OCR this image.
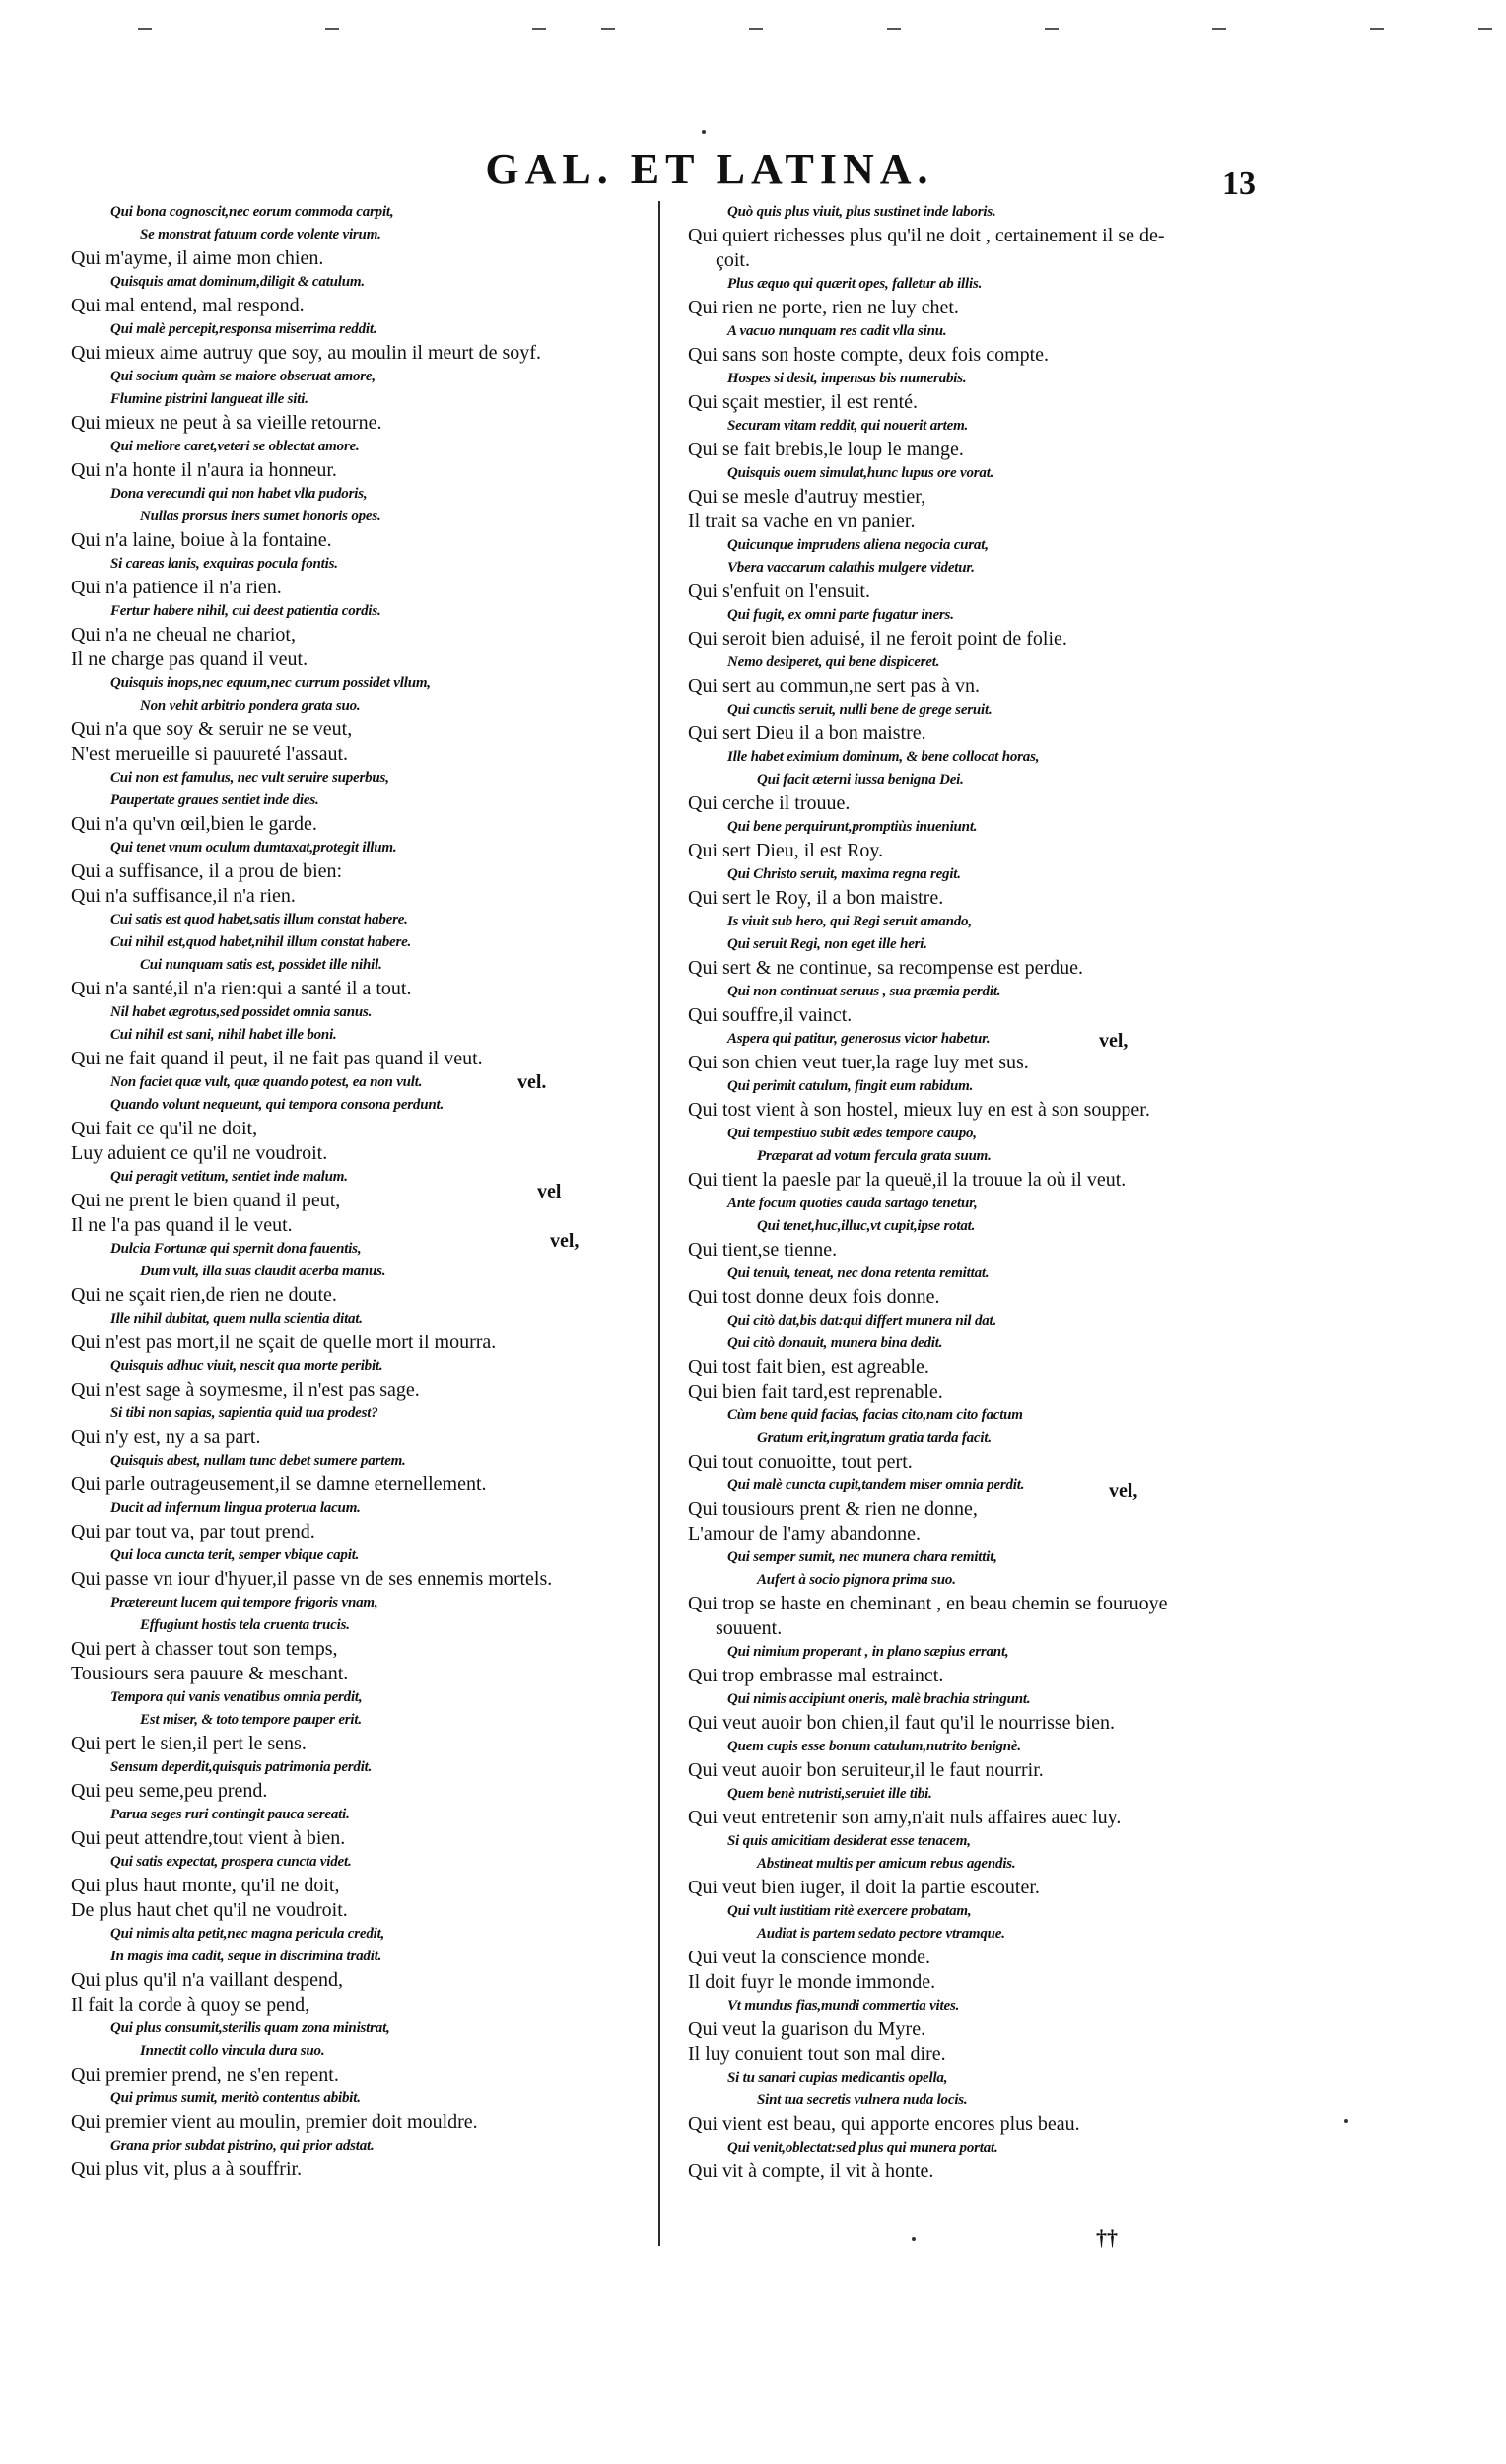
GAL. ET LATINA.	13
Qui bona cognoscit,nec eorum commoda carpit,
Se monstrat fatuum corde volente virum.
Qui m'ayme, il aime mon chien.
Quisquis amat dominum,diligit & catulum.
Qui mal entend, mal respond.
Qui malè percepit,responsa miserrima reddit.
Qui mieux aime autruy que soy, au moulin il meurt de soyf.
Qui socium quàm se maiore obseruat amore,
Flumine pistrini langueat ille siti.
Qui mieux ne peut à sa vieille retourne.
Qui meliore caret,veteri se oblectat amore.
Qui n'a honte il n'aura ia honneur.
Dona verecundi qui non habet vlla pudoris,
Nullas prorsus iners sumet honoris opes.
Qui n'a laine, boiue à la fontaine.
Si careas lanis, exquiras pocula fontis.
Qui n'a patience il n'a rien.
Fertur habere nihil, cui deest patientia cordis.
Qui n'a ne cheual ne chariot,
Il ne charge pas quand il veut.
Quisquis inops,nec equum,nec currum possidet vllum,
Non vehit arbitrio pondera grata suo.
Qui n'a que soy & seruir ne se veut,
N'est merueille si pauureté l'assaut.
Cui non est famulus, nec vult seruire superbus,
Paupertate graues sentiet inde dies.
Qui n'a qu'vn œil,bien le garde.
Qui tenet vnum oculum dumtaxat,protegit illum.
Qui a suffisance, il a prou de bien:
Qui n'a suffisance,il n'a rien.
Cui satis est quod habet,satis illum constat habere.
Cui nihil est,quod habet,nihil illum constat habere.
Cui nunquam satis est, possidet ille nihil.
Qui n'a santé,il n'a rien:qui a santé il a tout.
Nil habet ægrotus,sed possidet omnia sanus.
Cui nihil est sani, nihil habet ille boni.
Qui ne fait quand il peut, il ne fait pas quand il veut.
Non faciet quæ vult, quæ quando potest, ea non vult.
Quando volunt nequeunt, qui tempora consona perdunt.
Qui fait ce qu'il ne doit,
Luy aduient ce qu'il ne voudroit.
Qui peragit vetitum, sentiet inde malum.
Qui ne prent le bien quand il peut,
Il ne l'a pas quand il le veut.
Dulcia Fortunæ qui spernit dona fauentis,
Dum vult, illa suas claudit acerba manus.
Qui ne sçait rien,de rien ne doute.
Ille nihil dubitat, quem nulla scientia ditat.
Qui n'est pas mort,il ne sçait de quelle mort il mourra.
Quisquis adhuc viuit, nescit qua morte peribit.
Qui n'est sage à soymesme, il n'est pas sage.
Si tibi non sapias, sapientia quid tua prodest?
Qui n'y est, ny a sa part.
Quisquis abest, nullam tunc debet sumere partem.
Qui parle outrageusement,il se damne eternellement.
Ducit ad infernum lingua proterua lacum.
Qui par tout va, par tout prend.
Qui loca cuncta terit, semper vbique capit.
Qui passe vn iour d'hyuer,il passe vn de ses ennemis mortels.
Prætereunt lucem qui tempore frigoris vnam,
Effugiunt hostis tela cruenta trucis.
Qui pert à chasser tout son temps,
Tousiours sera pauure & meschant.
Tempora qui vanis venatibus omnia perdit,
Est miser, & toto tempore pauper erit.
Qui pert le sien,il pert le sens.
Sensum deperdit,quisquis patrimonia perdit.
Qui peu seme,peu prend.
Parua seges ruri contingit pauca sereati.
Qui peut attendre,tout vient à bien.
Qui satis expectat, prospera cuncta videt.
Qui plus haut monte, qu'il ne doit,
De plus haut chet qu'il ne voudroit.
Qui nimis alta petit,nec magna pericula credit,
In magis ima cadit, seque in discrimina tradit.
Qui plus qu'il n'a vaillant despend,
Il fait la corde à quoy se pend,
Qui plus consumit,sterilis quam zona ministrat,
Innectit collo vincula dura suo.
Qui premier prend, ne s'en repent.
Qui primus sumit, meritò contentus abibit.
Qui premier vient au moulin, premier doit mouldre.
Grana prior subdat pistrino, qui prior adstat.
Qui plus vit, plus a à souffrir.
Quò quis plus viuit, plus sustinet inde laboris.
Qui quiert richesses plus qu'il ne doit , certainement il se de-
çoit.
Plus æquo qui quærit opes, falletur ab illis.
Qui rien ne porte, rien ne luy chet.
A vacuo nunquam res cadit vlla sinu.
Qui sans son hoste compte, deux fois compte.
Hospes si desit, impensas bis numerabis.
Qui sçait mestier, il est renté.
Securam vitam reddit, qui nouerit artem.
Qui se fait brebis,le loup le mange.
Quisquis ouem simulat,hunc lupus ore vorat.
Qui se mesle d'autruy mestier,
Il trait sa vache en vn panier.
Quicunque imprudens aliena negocia curat,
Vbera vaccarum calathis mulgere videtur.
Qui s'enfuit on l'ensuit.
Qui fugit, ex omni parte fugatur iners.
Qui seroit bien aduisé, il ne feroit point de folie.
Nemo desiperet, qui bene dispiceret.
Qui sert au commun,ne sert pas à vn.
Qui cunctis seruit, nulli bene de grege seruit.
Qui sert Dieu il a bon maistre.
Ille habet eximium dominum, & bene collocat horas,
Qui facit æterni iussa benigna Dei.
Qui cerche il trouue.
Qui bene perquirunt,promptiùs inueniunt.
Qui sert Dieu, il est Roy.
Qui Christo seruit, maxima regna regit.
Qui sert le Roy, il a bon maistre.
Is viuit sub hero, qui Regi seruit amando,
Qui seruit Regi, non eget ille heri.
Qui sert & ne continue, sa recompense est perdue.
Qui non continuat seruus , sua præmia perdit.
Qui souffre,il vainct.
Aspera qui patitur, generosus victor habetur.
Qui son chien veut tuer,la rage luy met sus.
Qui perimit catulum, fingit eum rabidum.
Qui tost vient à son hostel, mieux luy en est à son soupper.
Qui tempestiuo subit ædes tempore caupo,
Præparat ad votum fercula grata suum.
Qui tient la paesle par la queuë,il la trouue la où il veut.
Ante focum quoties cauda sartago tenetur,
Qui tenet,huc,illuc,vt cupit,ipse rotat.
Qui tient,se tienne.
Qui tenuit, teneat, nec dona retenta remittat.
Qui tost donne deux fois donne.
Qui citò dat,bis dat:qui differt munera nil dat.
Qui citò donauit, munera bina dedit.
Qui tost fait bien, est agreable.
Qui bien fait tard,est reprenable.
Cùm bene quid facias, facias cito,nam cito factum
Gratum erit,ingratum gratia tarda facit.
Qui tout conuoitte, tout pert.
Qui malè cuncta cupit,tandem miser omnia perdit.
Qui tousiours prent & rien ne donne,
L'amour de l'amy abandonne.
Qui semper sumit, nec munera chara remittit,
Aufert à socio pignora prima suo.
Qui trop se haste en cheminant , en beau chemin se fouruoye
souuent.
Qui nimium properant , in plano sæpius errant,
Qui trop embrasse mal estrainct.
Qui nimis accipiunt oneris, malè brachia stringunt.
Qui veut auoir bon chien,il faut qu'il le nourrisse bien.
Quem cupis esse bonum catulum,nutrito benignè.
Qui veut auoir bon seruiteur,il le faut nourrir.
Quem benè nutristi,seruiet ille tibi.
Qui veut entretenir son amy,n'ait nuls affaires auec luy.
Si quis amicitiam desiderat esse tenacem,
Abstineat multis per amicum rebus agendis.
Qui veut bien iuger, il doit la partie escouter.
Qui vult iustitiam ritè exercere probatam,
Audiat is partem sedato pectore vtramque.
Qui veut la conscience monde.
Il doit fuyr le monde immonde.
Vt mundus fias,mundi commertia vites.
Qui veut la guarison du Myre.
Il luy conuient tout son mal dire.
Si tu sanari cupias medicantis opella,
Sint tua secretis vulnera nuda locis.
Qui vient est beau, qui apporte encores plus beau.
Qui venit,oblectat:sed plus qui munera portat.
Qui vit à compte, il vit à honte.
vel.
vel
vel,
vel,
vel,
††
